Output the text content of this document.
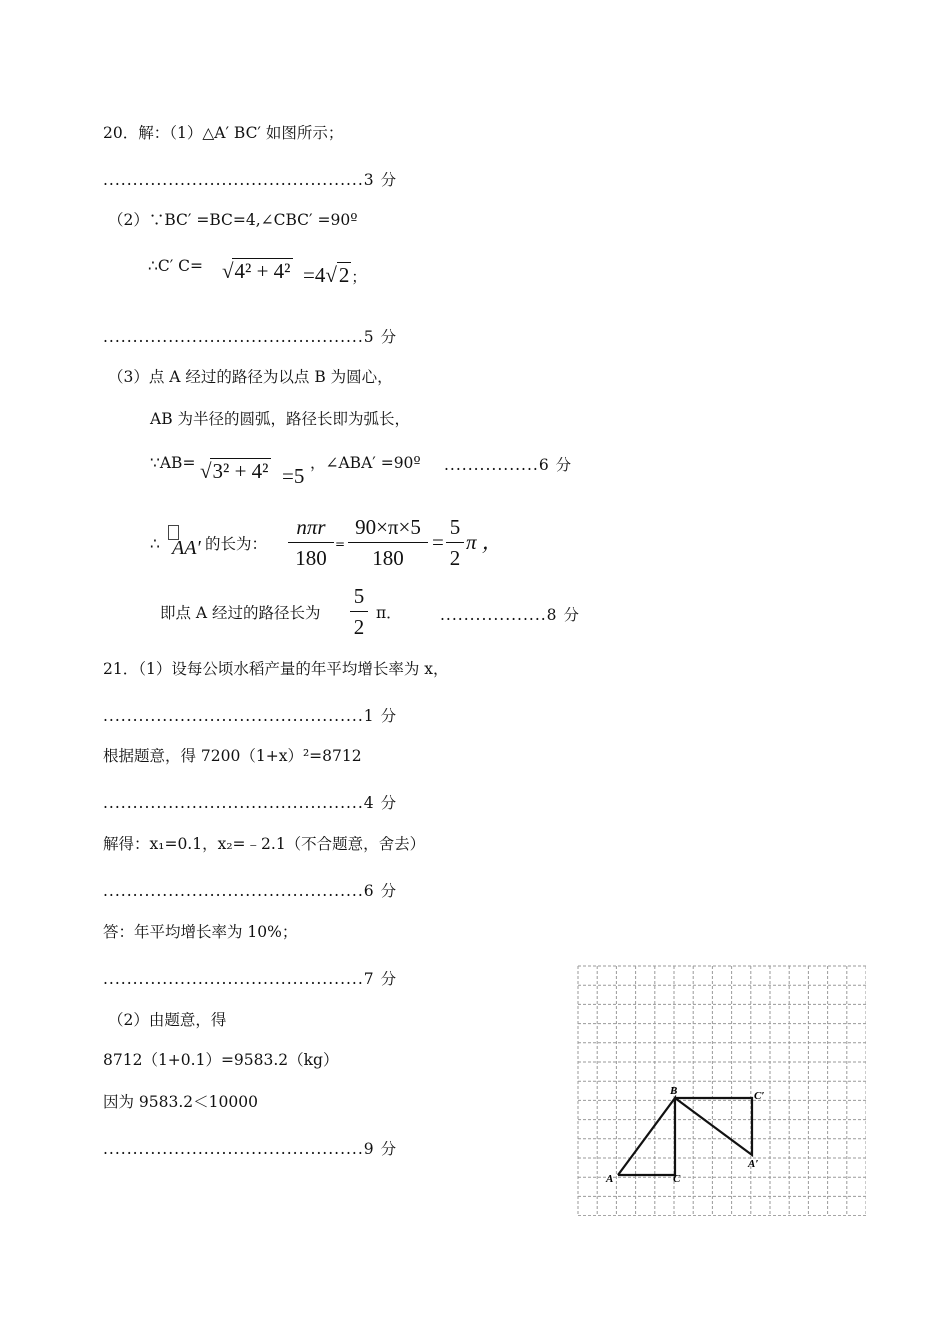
20．解：（1）△A′ BC′ 如图所示；
............................................3 分
（2）∵BC′ =BC=4,∠CBC′ =90º
∴C′ C= √4² + 4² =4√2 ；
............................................5 分
（3）点 A 经过的路径为以点 B 为圆心，
AB 为半径的圆弧，路径长即为弧长，
∵AB= √3² + 4² =5
，∠ABA′ =90º ................6 分
∴ AA′ 的长为：
nπr
180
=
90×π×5
180
=
5
2
π ，
即点 A 经过的路径长为
5
2
π． ..................8 分
21．（1）设每公顷水稻产量的年平均增长率为 x，
............................................1 分
根据题意，得 7200（1+x）²=8712
............................................4 分
解得：x₁=0.1，x₂=﹣2.1（不合题意，舍去）
............................................6 分
答：年平均增长率为 10%；
............................................7 分
（2）由题意，得
8712（1+0.1）=9583.2（kg）
因为 9583.2＜10000
............................................9 分
A
B
C
C′
A′
